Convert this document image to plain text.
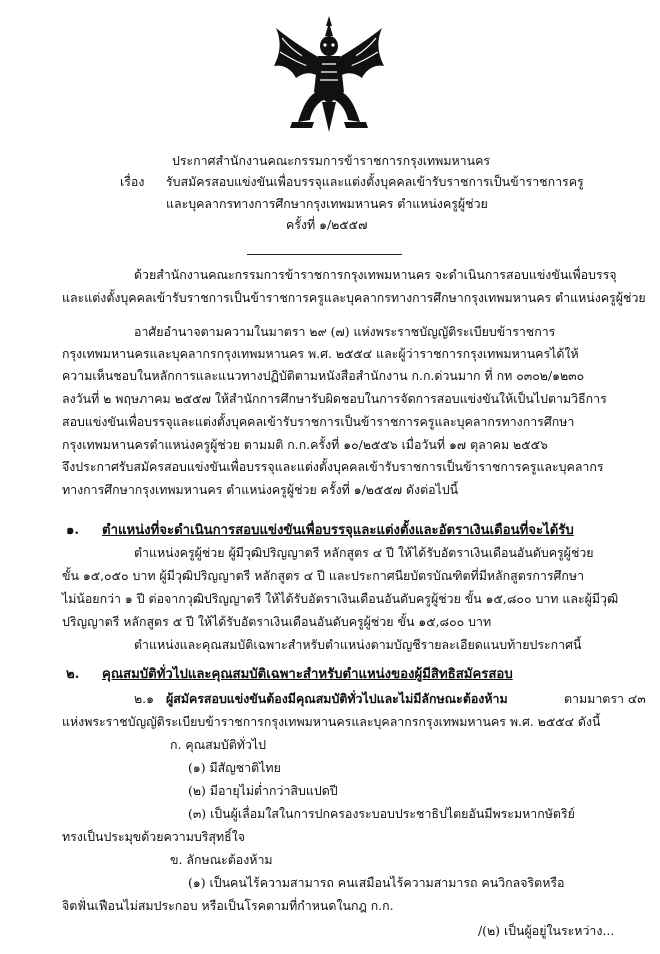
ประกาศสำนักงานคณะกรรมการข้าราชการกรุงเทพมหานคร
เรื่อง รับสมัครสอบแข่งขันเพื่อบรรจุและแต่งตั้งบุคคลเข้ารับราชการเป็นข้าราชการครู
และบุคลากรทางการศึกษากรุงเทพมหานคร ตำแหน่งครูผู้ช่วย
ครั้งที่ ๑/๒๕๕๗
ด้วยสำนักงานคณะกรรมการข้าราชการกรุงเทพมหานคร จะดำเนินการสอบแข่งขันเพื่อบรรจุ
และแต่งตั้งบุคคลเข้ารับราชการเป็นข้าราชการครูและบุคลากรทางการศึกษากรุงเทพมหานคร ตำแหน่งครูผู้ช่วย
อาศัยอำนาจตามความในมาตรา ๒๙ (๗) แห่งพระราชบัญญัติระเบียบข้าราชการ
กรุงเทพมหานครและบุคลากรกรุงเทพมหานคร พ.ศ. ๒๕๕๔ และผู้ว่าราชการกรุงเทพมหานครได้ให้
ความเห็นชอบในหลักการและแนวทางปฏิบัติตามหนังสือสำนักงาน ก.ก.ด่วนมาก ที่ กท ๐๓๐๒/๑๒๓๐
ลงวันที่ ๒ พฤษภาคม ๒๕๕๗ ให้สำนักการศึกษารับผิดชอบในการจัดการสอบแข่งขันให้เป็นไปตามวิธีการ
สอบแข่งขันเพื่อบรรจุและแต่งตั้งบุคคลเข้ารับราชการเป็นข้าราชการครูและบุคลากรทางการศึกษา
กรุงเทพมหานครตำแหน่งครูผู้ช่วย ตามมติ ก.ก.ครั้งที่ ๑๐/๒๕๕๖ เมื่อวันที่ ๑๗ ตุลาคม ๒๕๕๖
จึงประกาศรับสมัครสอบแข่งขันเพื่อบรรจุและแต่งตั้งบุคคลเข้ารับราชการเป็นข้าราชการครูและบุคลากร
ทางการศึกษากรุงเทพมหานคร ตำแหน่งครูผู้ช่วย ครั้งที่ ๑/๒๕๕๗ ดังต่อไปนี้
๑. ตำแหน่งที่จะดำเนินการสอบแข่งขันเพื่อบรรจุและแต่งตั้งและอัตราเงินเดือนที่จะได้รับ
ตำแหน่งครูผู้ช่วย ผู้มีวุฒิปริญญาตรี หลักสูตร ๔ ปี ให้ได้รับอัตราเงินเดือนอันดับครูผู้ช่วย
ขั้น ๑๕,๐๕๐ บาท ผู้มีวุฒิปริญญาตรี หลักสูตร ๔ ปี และประกาศนียบัตรบัณฑิตที่มีหลักสูตรการศึกษา
ไม่น้อยกว่า ๑ ปี ต่อจากวุฒิปริญญาตรี ให้ได้รับอัตราเงินเดือนอันดับครูผู้ช่วย ขั้น ๑๕,๘๐๐ บาท และผู้มีวุฒิ
ปริญญาตรี หลักสูตร ๕ ปี ให้ได้รับอัตราเงินเดือนอันดับครูผู้ช่วย ขั้น ๑๕,๘๐๐ บาท
ตำแหน่งและคุณสมบัติเฉพาะสำหรับตำแหน่งตามบัญชีรายละเอียดแนบท้ายประกาศนี้
๒. คุณสมบัติทั่วไปและคุณสมบัติเฉพาะสำหรับตำแหน่งของผู้มีสิทธิสมัครสอบ
๒.๑ ผู้สมัครสอบแข่งขันต้องมีคุณสมบัติทั่วไปและไม่มีลักษณะต้องห้าม	ตามมาตรา ๔๓
แห่งพระราชบัญญัติระเบียบข้าราชการกรุงเทพมหานครและบุคลากรกรุงเทพมหานคร พ.ศ. ๒๕๕๔ ดังนี้
ก. คุณสมบัติทั่วไป
(๑) มีสัญชาติไทย
(๒) มีอายุไม่ต่ำกว่าสิบแปดปี
(๓) เป็นผู้เลื่อมใสในการปกครองระบอบประชาธิปไตยอันมีพระมหากษัตริย์
ทรงเป็นประมุขด้วยความบริสุทธิ์ใจ
ข. ลักษณะต้องห้าม
(๑) เป็นคนไร้ความสามารถ คนเสมือนไร้ความสามารถ คนวิกลจริตหรือ
จิตฟั่นเฟือนไม่สมประกอบ หรือเป็นโรคตามที่กำหนดในกฎ ก.ก.
/(๒) เป็นผู้อยู่ในระหว่าง...
